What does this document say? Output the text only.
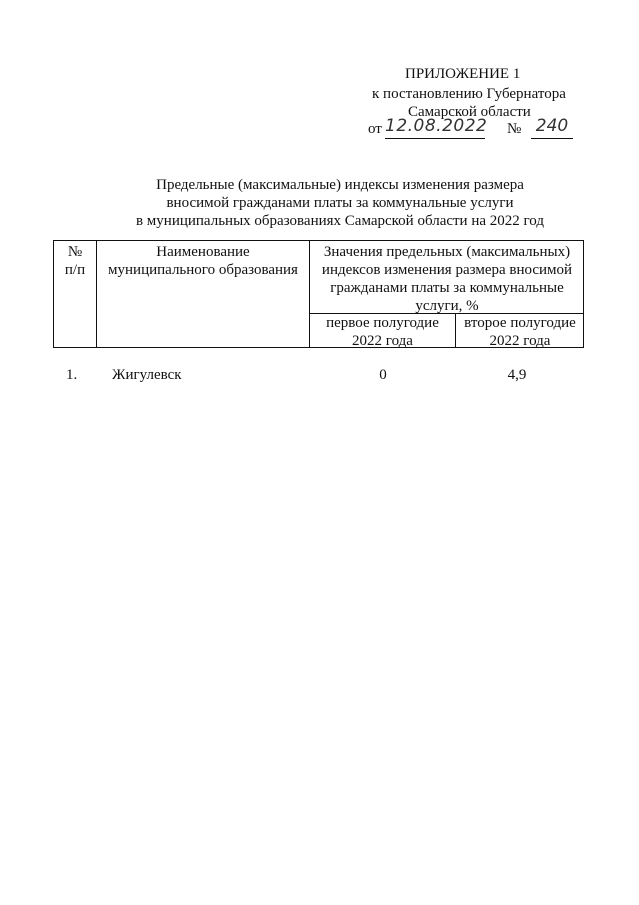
ПРИЛОЖЕНИЕ 1
к постановлению Губернатора
Самарской области
от 12.08.2022 № 240
Предельные (максимальные) индексы изменения размера
вносимой гражданами платы за коммунальные услуги
в муниципальных образованиях Самарской области на 2022 год
№
п/п
Наименование
муниципального образования
Значения предельных (максимальных)
индексов изменения размера вносимой
гражданами платы за коммунальные
услуги, %
первое полугодие
2022 года
второе полугодие
2022 года
1. Жигулевск	0	4,9
